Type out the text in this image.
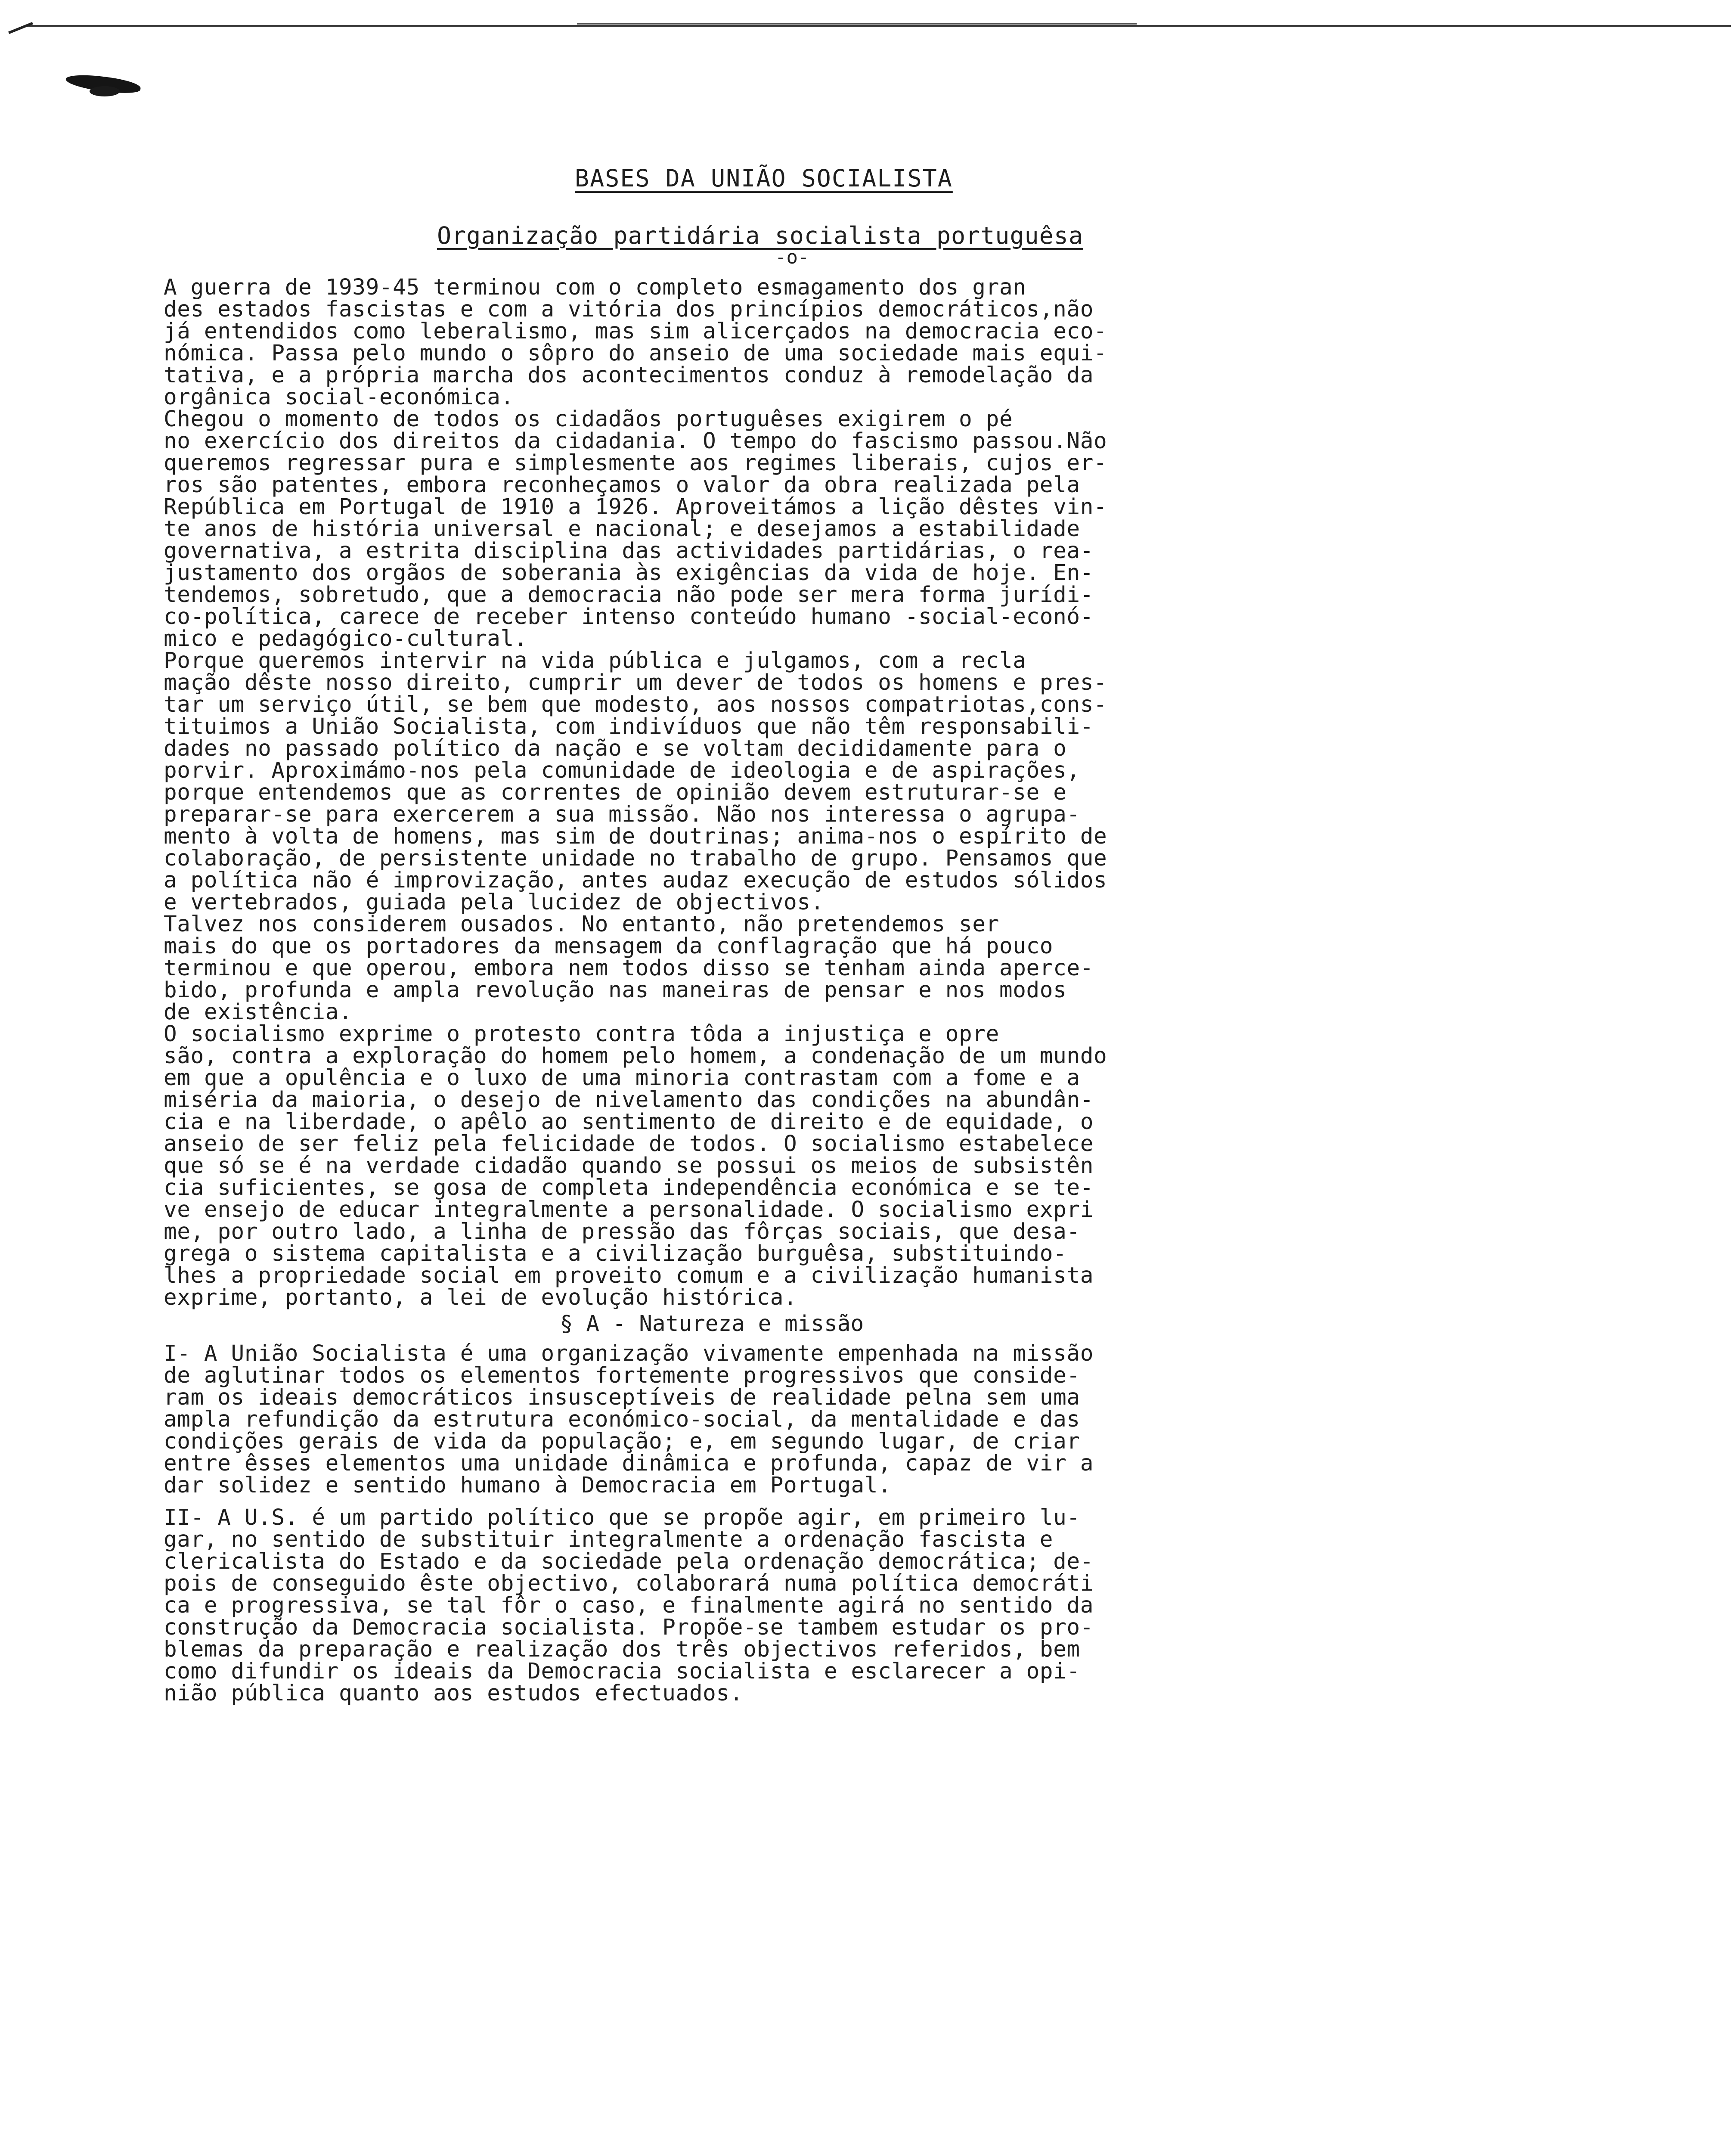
BASES DA UNIÃO SOCIALISTA
Organização partidária socialista portuguêsa
-o-
A guerra de 1939-45 terminou com o completo esmagamento dos gran
des estados fascistas e com a vitória dos princípios democráticos,não
já entendidos como leberalismo, mas sim alicerçados na democracia eco-
nómica. Passa pelo mundo o sôpro do anseio de uma sociedade mais equi-
tativa, e a própria marcha dos acontecimentos conduz à remodelação da
orgânica social-económica.
Chegou o momento de todos os cidadãos portuguêses exigirem o pé
no exercício dos direitos da cidadania. O tempo do fascismo passou.Não
queremos regressar pura e simplesmente aos regimes liberais, cujos er-
ros são patentes, embora reconheçamos o valor da obra realizada pela
República em Portugal de 1910 a 1926. Aproveitámos a lição dêstes vin-
te anos de história universal e nacional; e desejamos a estabilidade
governativa, a estrita disciplina das actividades partidárias, o rea-
justamento dos orgãos de soberania às exigências da vida de hoje. En-
tendemos, sobretudo, que a democracia não pode ser mera forma jurídi-
co-política, carece de receber intenso conteúdo humano -social-econó-
mico e pedagógico-cultural.
Porque queremos intervir na vida pública e julgamos, com a recla
mação dêste nosso direito, cumprir um dever de todos os homens e pres-
tar um serviço útil, se bem que modesto, aos nossos compatriotas,cons-
tituimos a União Socialista, com indivíduos que não têm responsabili-
dades no passado político da nação e se voltam decididamente para o
porvir. Aproximámo-nos pela comunidade de ideologia e de aspirações,
porque entendemos que as correntes de opinião devem estruturar-se e
preparar-se para exercerem a sua missão. Não nos interessa o agrupa-
mento à volta de homens, mas sim de doutrinas; anima-nos o espírito de
colaboração, de persistente unidade no trabalho de grupo. Pensamos que
a política não é improvização, antes audaz execução de estudos sólidos
e vertebrados, guiada pela lucidez de objectivos.
Talvez nos considerem ousados. No entanto, não pretendemos ser
mais do que os portadores da mensagem da conflagração que há pouco
terminou e que operou, embora nem todos disso se tenham ainda aperce-
bido, profunda e ampla revolução nas maneiras de pensar e nos modos
de existência.
O socialismo exprime o protesto contra tôda a injustiça e opre
são, contra a exploração do homem pelo homem, a condenação de um mundo
em que a opulência e o luxo de uma minoria contrastam com a fome e a
miséria da maioria, o desejo de nivelamento das condições na abundân-
cia e na liberdade, o apêlo ao sentimento de direito e de equidade, o
anseio de ser feliz pela felicidade de todos. O socialismo estabelece
que só se é na verdade cidadão quando se possui os meios de subsistên
cia suficientes, se gosa de completa independência económica e se te-
ve ensejo de educar integralmente a personalidade. O socialismo expri
me, por outro lado, a linha de pressão das fôrças sociais, que desa-
grega o sistema capitalista e a civilização burguêsa, substituindo-
lhes a propriedade social em proveito comum e a civilização humanista
exprime, portanto, a lei de evolução histórica.
§ A - Natureza e missão
I- A União Socialista é uma organização vivamente empenhada na missão
de aglutinar todos os elementos fortemente progressivos que conside-
ram os ideais democráticos insusceptíveis de realidade pelna sem uma
ampla refundição da estrutura económico-social, da mentalidade e das
condições gerais de vida da população; e, em segundo lugar, de criar
entre êsses elementos uma unidade dinâmica e profunda, capaz de vir a
dar solidez e sentido humano à Democracia em Portugal.
II- A U.S. é um partido político que se propõe agir, em primeiro lu-
gar, no sentido de substituir integralmente a ordenação fascista e
clericalista do Estado e da sociedade pela ordenação democrática; de-
pois de conseguido êste objectivo, colaborará numa política democráti
ca e progressiva, se tal fôr o caso, e finalmente agirá no sentido da
construção da Democracia socialista. Propõe-se tambem estudar os pro-
blemas da preparação e realização dos três objectivos referidos, bem
como difundir os ideais da Democracia socialista e esclarecer a opi-
nião pública quanto aos estudos efectuados.
